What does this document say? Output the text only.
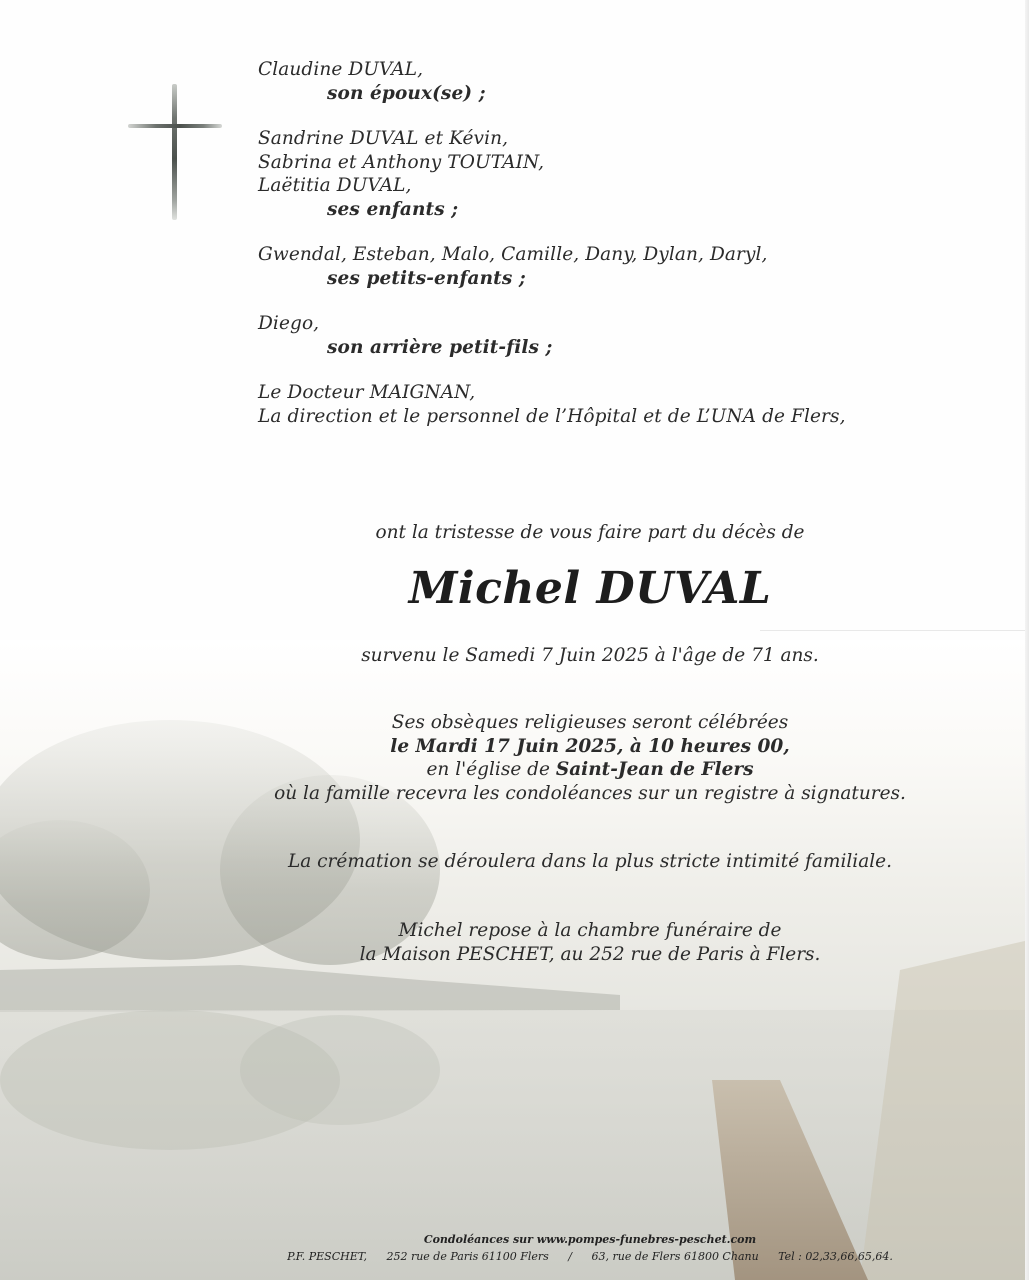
Claudine DUVAL,
son époux(se) ;
Sandrine DUVAL et Kévin,
Sabrina et Anthony TOUTAIN,
Laëtitia DUVAL,
ses enfants ;
Gwendal, Esteban, Malo, Camille, Dany, Dylan, Daryl,
ses petits-enfants ;
Diego,
son arrière petit-fils ;
Le Docteur MAIGNAN,
La direction et le personnel de l’Hôpital et de L’UNA de Flers,
ont la tristesse de vous faire part du décès de
Michel DUVAL
survenu le Samedi 7 Juin 2025 à l'âge de 71 ans.
Ses obsèques religieuses seront célébrées
le Mardi 17 Juin 2025, à 10 heures 00,
en l'église de Saint-Jean de Flers
où la famille recevra les condoléances sur un registre à signatures.
La crémation se déroulera dans la plus stricte intimité familiale.
Michel repose à la chambre funéraire de
la Maison PESCHET, au 252 rue de Paris à Flers.
Condoléances sur www.pompes-funebres-peschet.com
P.F. PESCHET, 252 rue de Paris 61100 Flers / 63, rue de Flers 61800 Chanu Tel : 02,33,66,65,64.
